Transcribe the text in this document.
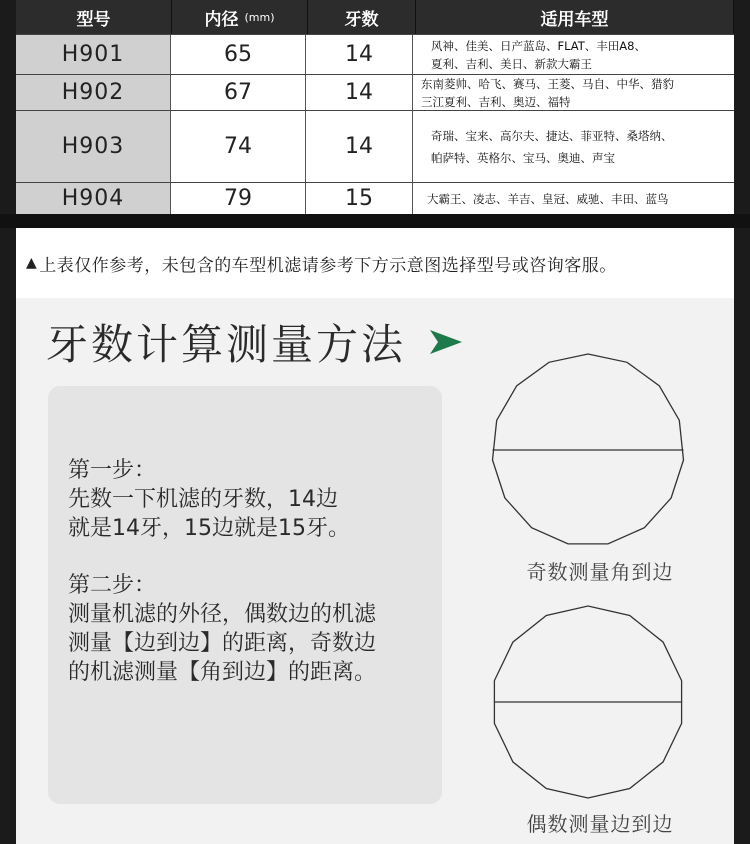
型号	内径 (mm)	牙数	适用车型
H901	65	14	风神、佳美、日产蓝岛、FLAT、丰田A8、
夏利、吉利、美日、新款大霸王
H902	67	14	东南菱帅、哈飞、赛马、王菱、马自、中华、猎豹
三江夏利、吉利、奥迈、福特
H903	74	14	奇瑞、宝来、高尔夫、捷达、菲亚特、桑塔纳、
帕萨特、英格尔、宝马、奥迪、声宝
H904	79	15	大霸王、凌志、羊吉、皇冠、威驰、丰田、蓝鸟
▲ 上表仅作参考，未包含的车型机滤请参考下方示意图选择型号或咨询客服。
牙数计算测量方法

第一步：

先数一下机滤的牙数，14边

就是14牙，15边就是15牙。

第二步：

测量机滤的外径，偶数边的机滤

测量【边到边】的距离，奇数边

的机滤测量【角到边】的距离。

奇数测量角到边
偶数测量边到边
